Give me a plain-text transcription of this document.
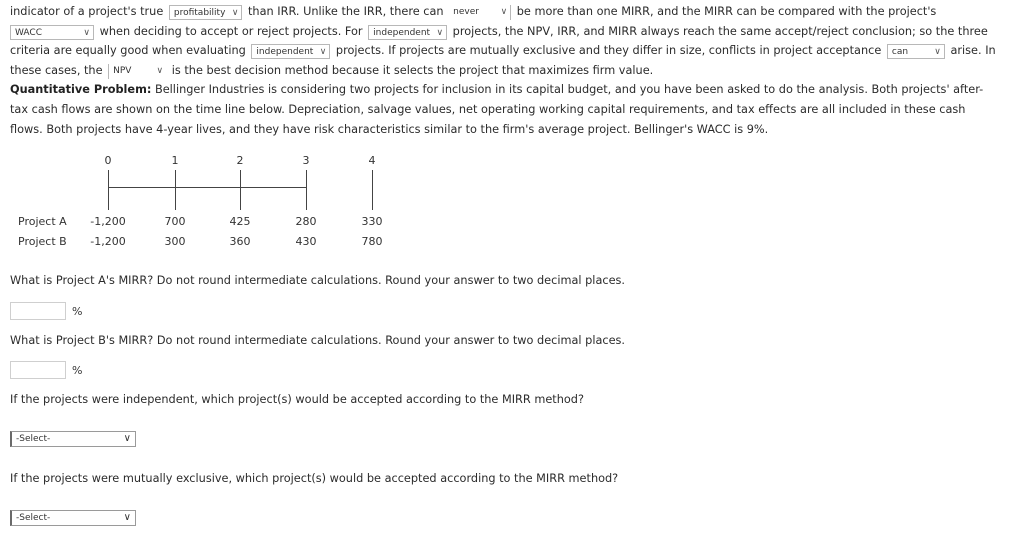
indicator of a project's true profitability ∨ than IRR. Unlike the IRR, there can never ∨ be more than one MIRR, and the MIRR can be compared with the project's
WACC	∨ when deciding to accept or reject projects. For independent ∨ projects, the NPV, IRR, and MIRR always reach the same accept/reject conclusion; so the three
criteria are equally good when evaluating independent ∨ projects. If projects are mutually exclusive and they differ in size, conflicts in project acceptance can	∨ arise. In
these cases, the NPV	∨ is the best decision method because it selects the project that maximizes firm value.
Quantitative Problem: Bellinger Industries is considering two projects for inclusion in its capital budget, and you have been asked to do the analysis. Both projects' after-
tax cash flows are shown on the time line below. Depreciation, salvage values, net operating working capital requirements, and tax effects are all included in these cash
flows. Both projects have 4-year lives, and they have risk characteristics similar to the firm's average project. Bellinger's WACC is 9%.
0	1	2	3	4
Project A -1,200	700	425	280	330
Project B -1,200	300	360	430	780
What is Project A's MIRR? Do not round intermediate calculations. Round your answer to two decimal places.
%
What is Project B's MIRR? Do not round intermediate calculations. Round your answer to two decimal places.
%
If the projects were independent, which project(s) would be accepted according to the MIRR method?
-Select-	∨
If the projects were mutually exclusive, which project(s) would be accepted according to the MIRR method?
-Select-	∨
